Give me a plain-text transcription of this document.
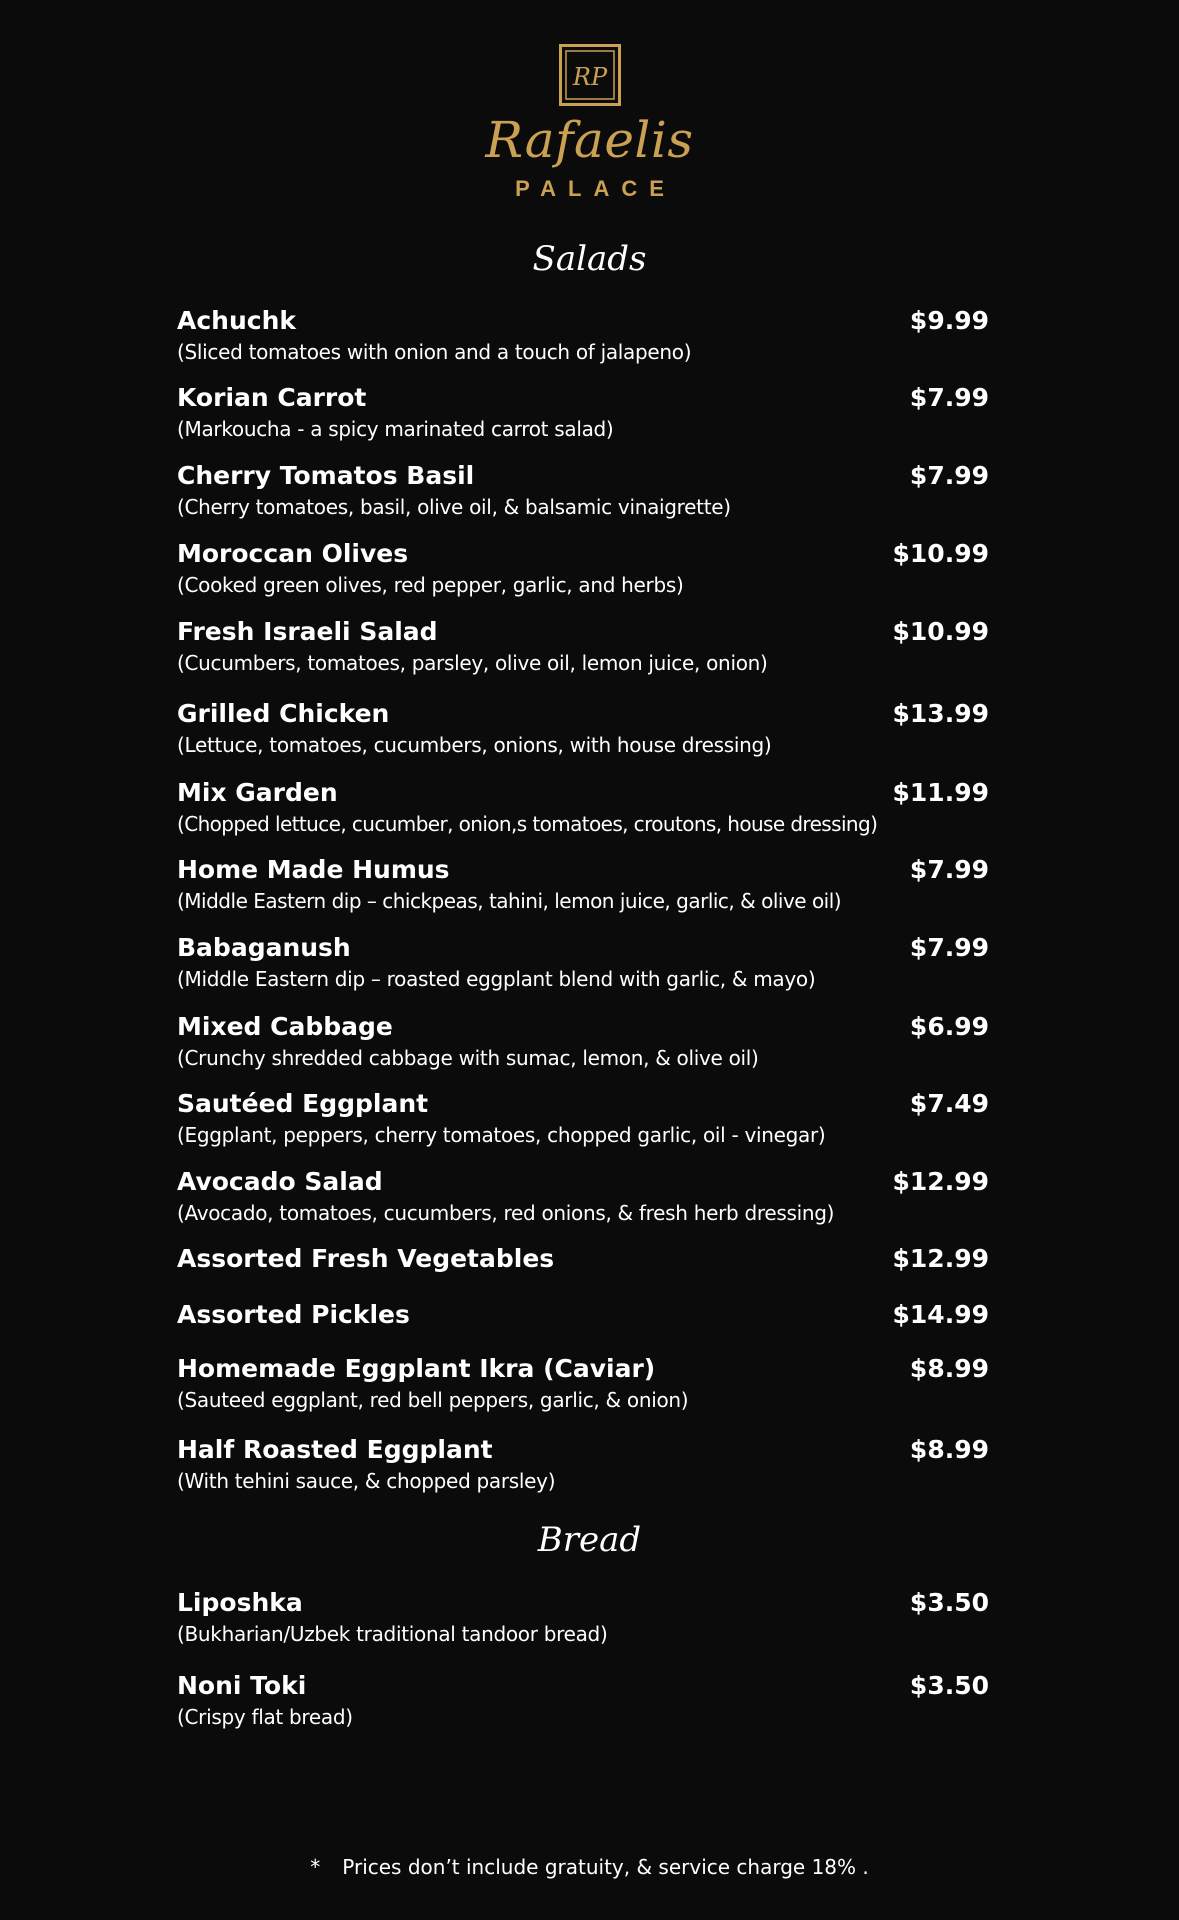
RP
Rafaelis
PALACE
Salads
Achuchk
(Sliced tomatoes with onion and a touch of jalapeno)
$9.99
Korian Carrot
(Markoucha - a spicy marinated carrot salad)
$7.99
Cherry Tomatos Basil
(Cherry tomatoes, basil, olive oil, & balsamic vinaigrette)
$7.99
Moroccan Olives
(Cooked green olives, red pepper, garlic, and herbs)
$10.99
Fresh Israeli Salad
(Cucumbers, tomatoes, parsley, olive oil, lemon juice, onion)
$10.99
Grilled Chicken
(Lettuce, tomatoes, cucumbers, onions, with house dressing)
$13.99
Mix Garden
(Chopped lettuce, cucumber, onion,s tomatoes, croutons, house dressing)
$11.99
Home Made Humus
(Middle Eastern dip – chickpeas, tahini, lemon juice, garlic, & olive oil)
$7.99
Babaganush
(Middle Eastern dip – roasted eggplant blend with garlic, & mayo)
$7.99
Mixed Cabbage
(Crunchy shredded cabbage with sumac, lemon, & olive oil)
$6.99
Sautéed Eggplant
(Eggplant, peppers, cherry tomatoes, chopped garlic, oil - vinegar)
$7.49
Avocado Salad
(Avocado, tomatoes, cucumbers, red onions, & fresh herb dressing)
$12.99
Assorted Fresh Vegetables	$12.99
Assorted Pickles	$14.99
Homemade Eggplant Ikra (Caviar)
(Sauteed eggplant, red bell peppers, garlic, & onion)
$8.99
Half Roasted Eggplant
(With tehini sauce, & chopped parsley)
$8.99
Bread
Liposhka
(Bukharian/Uzbek traditional tandoor bread)
$3.50
Noni Toki
(Crispy flat bread)
$3.50
* Prices don’t include gratuity, & service charge 18% .
